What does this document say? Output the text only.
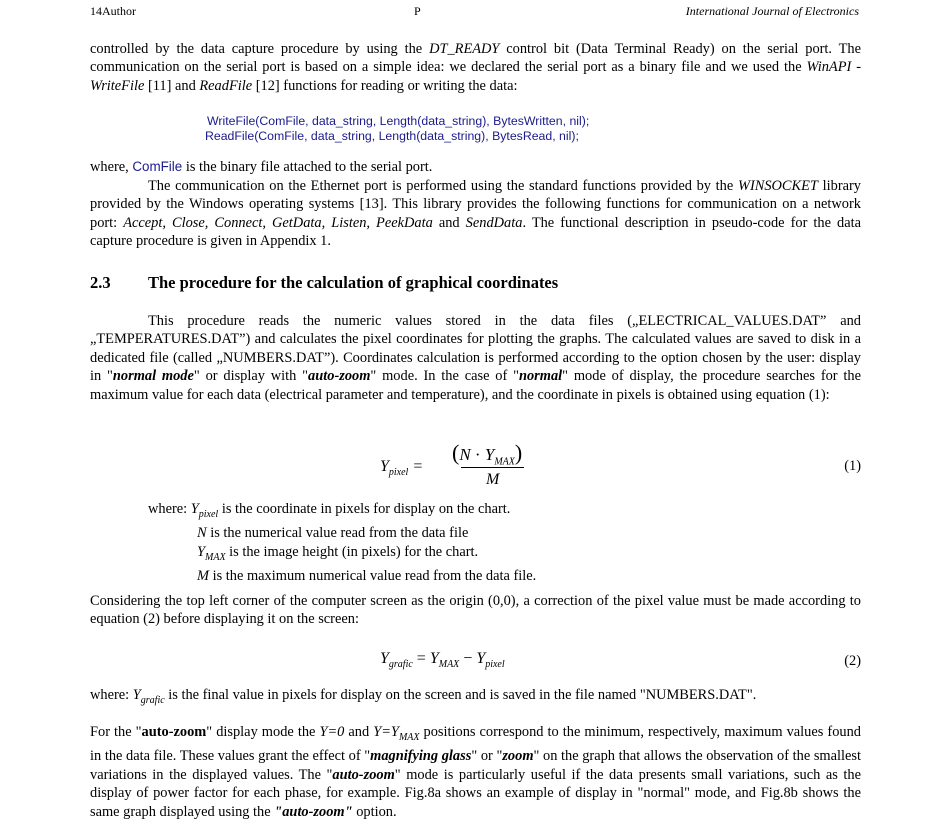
14Author	P	International Journal of Electronics
controlled by the data capture procedure by using the DT_READY control bit (Data Terminal Ready) on the serial port. The communication on the serial port is based on a simple idea: we declared the serial port as a binary file and we used the WinAPI - WriteFile [11] and ReadFile [12] functions for reading or writing the data:
WriteFile(ComFile, data_string, Length(data_string), BytesWritten, nil);
ReadFile(ComFile, data_string, Length(data_string), BytesRead, nil);
where, ComFile is the binary file attached to the serial port.
The communication on the Ethernet port is performed using the standard functions provided by the WINSOCKET library provided by the Windows operating systems [13]. This library provides the following functions for communication on a network port: Accept, Close, Connect, GetData, Listen, PeekData and SendData. The functional description in pseudo-code for the data capture procedure is given in Appendix 1.
2.3 The procedure for the calculation of graphical coordinates
This procedure reads the numeric values stored in the data files („ELECTRICAL_VALUES.DAT” and „TEMPERATURES.DAT”) and calculates the pixel coordinates for plotting the graphs. The calculated values are saved to disk in a dedicated file (called „NUMBERS.DAT”). Coordinates calculation is performed according to the option chosen by the user: display in "normal mode" or display with "auto-zoom" mode. In the case of "normal" mode of display, the procedure searches for the maximum value for each data (electrical parameter and temperature), and the coordinate in pixels is obtained using equation (1):
$Y_{pixel}$ =
$(N \cdot Y_{MAX})$
M
(1)
where: $Y_{pixel}$ is the coordinate in pixels for display on the chart.
N is the numerical value read from the data file
$Y_{MAX}$ is the image height (in pixels) for the chart.
M is the maximum numerical value read from the data file.
Considering the top left corner of the computer screen as the origin (0,0), a correction of the pixel value must be made according to equation (2) before displaying it on the screen:
$Y_{grafic} = Y_{MAX} - Y_{pixel}$	(2)
where: $Y_{grafic}$ is the final value in pixels for display on the screen and is saved in the file named "NUMBERS.DAT".
For the "auto-zoom" display mode the Y=0 and $Y=Y_{MAX}$ positions correspond to the minimum, respectively, maximum values found in the data file. These values grant the effect of "magnifying glass" or "zoom" on the graph that allows the observation of the smallest variations in the displayed values. The "auto-zoom" mode is particularly useful if the data presents small variations, such as the display of power factor for each phase, for example. Fig.8a shows an example of display in "normal" mode, and Fig.8b shows the same graph displayed using the "auto-zoom" option.
